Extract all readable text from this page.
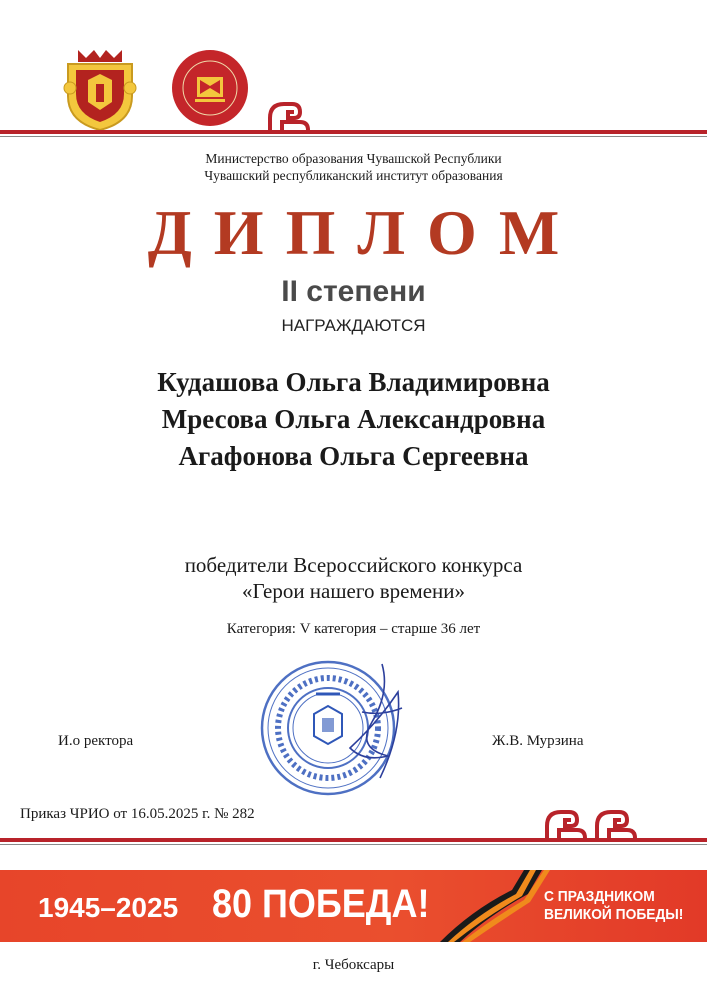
Министерство образования Чувашской Республики
Чувашский республиканский институт образования
ДИПЛОМ
II степени
НАГРАЖДАЮТСЯ
Кудашова Ольга Владимировна
Мресова Ольга Александровна
Агафонова Ольга Сергеевна
победители Всероссийского конкурса
«Герои нашего времени»
Категория: V категория – старше 36 лет
И.о ректора	Ж.В. Мурзина
Приказ ЧРИО от 16.05.2025 г. № 282
1945–2025 80 ПОБЕДА!	С ПРАЗДНИКОМ
ВЕЛИКОЙ ПОБЕДЫ!
г. Чебоксары
